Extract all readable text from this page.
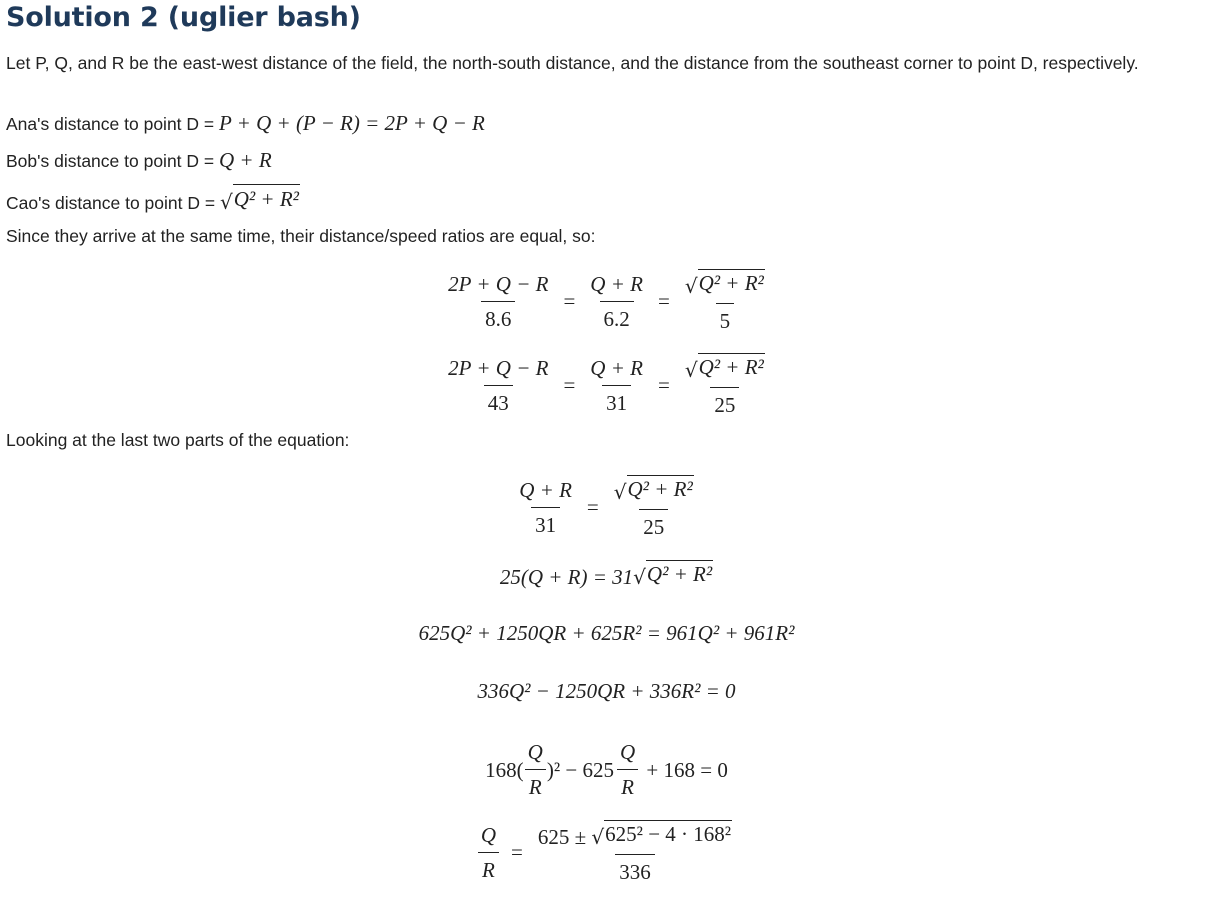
Solution 2 (uglier bash)

Let P, Q, and R be the east-west distance of the field, the north-south distance, and the distance from the southeast corner to point D, respectively.

Ana's distance to point D = P + Q + (P − R) = 2P + Q − R

Bob's distance to point D = Q + R

Cao's distance to point D = √ Q² + R²

Since they arrive at the same time, their distance/speed ratios are equal, so:

$\frac{2P + Q - R}{8.6} = \frac{Q + R}{6.2} = \frac{\text{√ Q² + R²}}{5}$
$\frac{2P + Q - R}{43} = \frac{Q + R}{31} = \frac{\text{√ Q² + R²}}{25}$

Looking at the last two parts of the equation:

$\frac{Q + R}{31} = \frac{\text{√ Q² + R²}}{25}$
25(Q + R) = 31 √ Q² + R²
625Q² + 1250QR + 625R² = 961Q² + 961R²
336Q² − 1250QR + 336R² = 0
$168( \frac{Q}{R} )^2 - 625 \frac{Q}{R} + 168 = 0$
$\frac{Q}{R} = \frac{\text{625 ± √ 625² − 4 · 168²}}{336}$
